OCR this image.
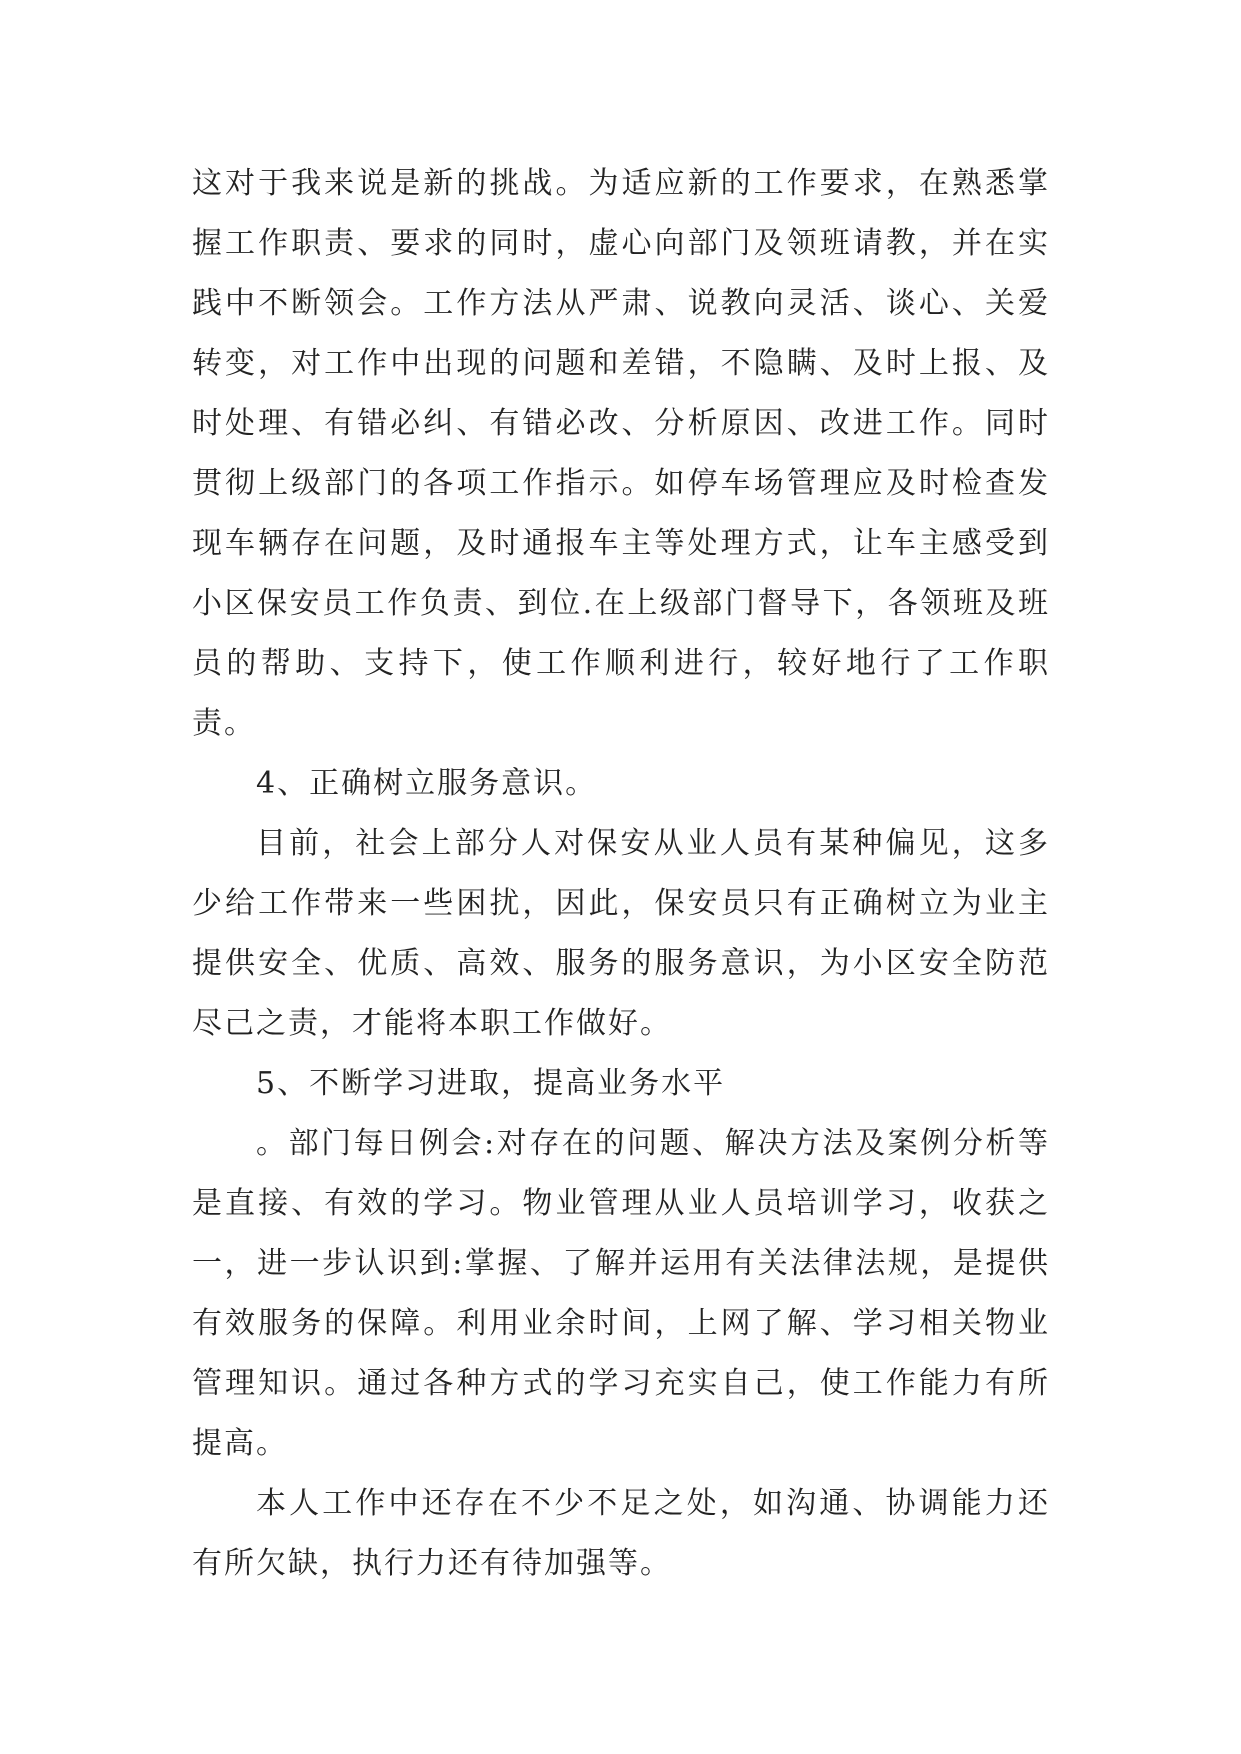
这对于我来说是新的挑战。为适应新的工作要求，在熟悉掌握工作职责、要求的同时，虚心向部门及领班请教，并在实践中不断领会。工作方法从严肃、说教向灵活、谈心、关爱转变，对工作中出现的问题和差错，不隐瞒、及时上报、及时处理、有错必纠、有错必改、分析原因、改进工作。同时贯彻上级部门的各项工作指示。如停车场管理应及时检查发现车辆存在问题，及时通报车主等处理方式，让车主感受到小区保安员工作负责、到位.在上级部门督导下，各领班及班员的帮助、支持下，使工作顺利进行，较好地行了工作职责。

4、正确树立服务意识。

目前，社会上部分人对保安从业人员有某种偏见，这多少给工作带来一些困扰，因此，保安员只有正确树立为业主提供安全、优质、高效、服务的服务意识，为小区安全防范尽己之责，才能将本职工作做好。

5、不断学习进取，提高业务水平

。部门每日例会:对存在的问题、解决方法及案例分析等是直接、有效的学习。物业管理从业人员培训学习，收获之一，进一步认识到:掌握、了解并运用有关法律法规，是提供有效服务的保障。利用业余时间，上网了解、学习相关物业管理知识。通过各种方式的学习充实自己，使工作能力有所提高。

本人工作中还存在不少不足之处，如沟通、协调能力还有所欠缺，执行力还有待加强等。
